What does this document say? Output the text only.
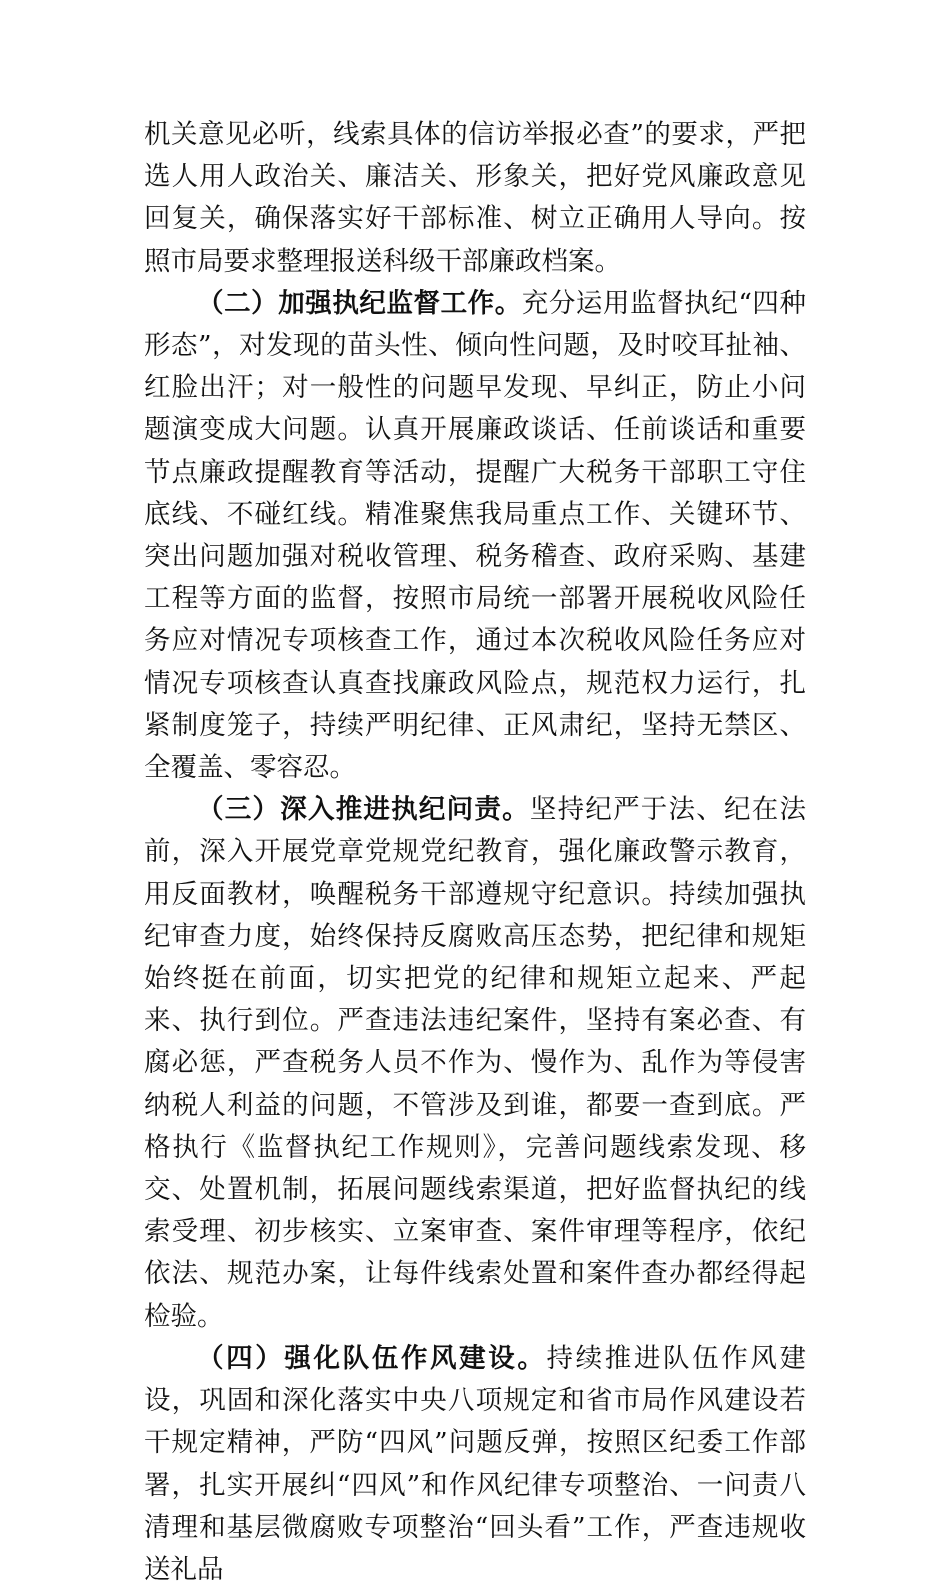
机关意见必听，线索具体的信访举报必查”的要求，严把选人用人政治关、廉洁关、形象关，把好党风廉政意见回复关，确保落实好干部标准、树立正确用人导向。按照市局要求整理报送科级干部廉政档案。

（二）加强执纪监督工作。充分运用监督执纪“四种形态”，对发现的苗头性、倾向性问题，及时咬耳扯袖、红脸出汗；对一般性的问题早发现、早纠正，防止小问题演变成大问题。认真开展廉政谈话、任前谈话和重要节点廉政提醒教育等活动，提醒广大税务干部职工守住底线、不碰红线。精准聚焦我局重点工作、关键环节、突出问题加强对税收管理、税务稽查、政府采购、基建工程等方面的监督，按照市局统一部署开展税收风险任务应对情况专项核查工作，通过本次税收风险任务应对情况专项核查认真查找廉政风险点，规范权力运行，扎紧制度笼子，持续严明纪律、正风肃纪，坚持无禁区、全覆盖、零容忍。

（三）深入推进执纪问责。坚持纪严于法、纪在法前，深入开展党章党规党纪教育，强化廉政警示教育，用反面教材，唤醒税务干部遵规守纪意识。持续加强执纪审查力度，始终保持反腐败高压态势，把纪律和规矩始终挺在前面，切实把党的纪律和规矩立起来、严起来、执行到位。严查违法违纪案件，坚持有案必查、有腐必惩，严查税务人员不作为、慢作为、乱作为等侵害纳税人利益的问题，不管涉及到谁，都要一查到底。严格执行《监督执纪工作规则》，完善问题线索发现、移交、处置机制，拓展问题线索渠道，把好监督执纪的线索受理、初步核实、立案审查、案件审理等程序，依纪依法、规范办案，让每件线索处置和案件查办都经得起检验。

（四）强化队伍作风建设。持续推进队伍作风建设，巩固和深化落实中央八项规定和省市局作风建设若干规定精神，严防“四风”问题反弹，按照区纪委工作部署，扎实开展纠“四风”和作风纪律专项整治、一问责八清理和基层微腐败专项整治“回头看”工作，严查违规收送礼品
